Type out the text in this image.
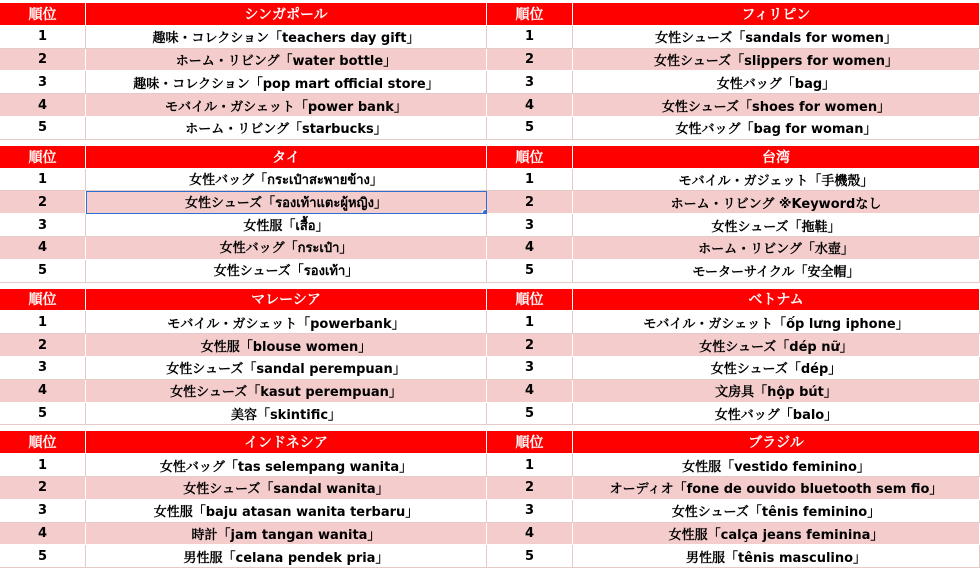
順位	シンガポール
1	趣味・コレクション「teachers day gift」
2	ホーム・リビング「water bottle」
3	趣味・コレクション「pop mart official store」
4	モバイル・ガシェット「power bank」
5	ホーム・リビング「starbucks」
順位	フィリピン
1	女性シューズ「sandals for women」
2	女性シューズ「slippers for women」
3	女性バッグ「bag」
4	女性シューズ「shoes for women」
5	女性バッグ「bag for woman」
順位	タイ
1	女性バッグ「กระเป๋าสะพายข้าง」
2	女性シューズ「รองเท้าแตะผู้หญิง」
3	女性服「เสื้อ」
4	女性バッグ「กระเป๋า」
5	女性シューズ「รองเท้า」
順位	台湾
1	モバイル・ガジェット「手機殼」
2	ホーム・リビング ※Keywordなし
3	女性シューズ「拖鞋」
4	ホーム・リビング「水壺」
5	モーターサイクル「安全帽」
順位	マレーシア
1	モバイル・ガシェット「powerbank」
2	女性服「blouse women」
3	女性シューズ「sandal perempuan」
4	女性シューズ「kasut perempuan」
5	美容「skintific」
順位	ベトナム
1	モバイル・ガシェット「ốp lưng iphone」
2	女性シューズ「dép nữ」
3	女性シューズ「dép」
4	文房具「hộp bút」
5	女性バッグ「balo」
順位	インドネシア
1	女性バッグ「tas selempang wanita」
2	女性シューズ「sandal wanita」
3	女性服「baju atasan wanita terbaru」
4	時計「jam tangan wanita」
5	男性服「celana pendek pria」
順位	ブラジル
1	女性服「vestido feminino」
2	オーディオ「fone de ouvido bluetooth sem fio」
3	女性シューズ「tênis feminino」
4	女性服「calça jeans feminina」
5	男性服「tênis masculino」
